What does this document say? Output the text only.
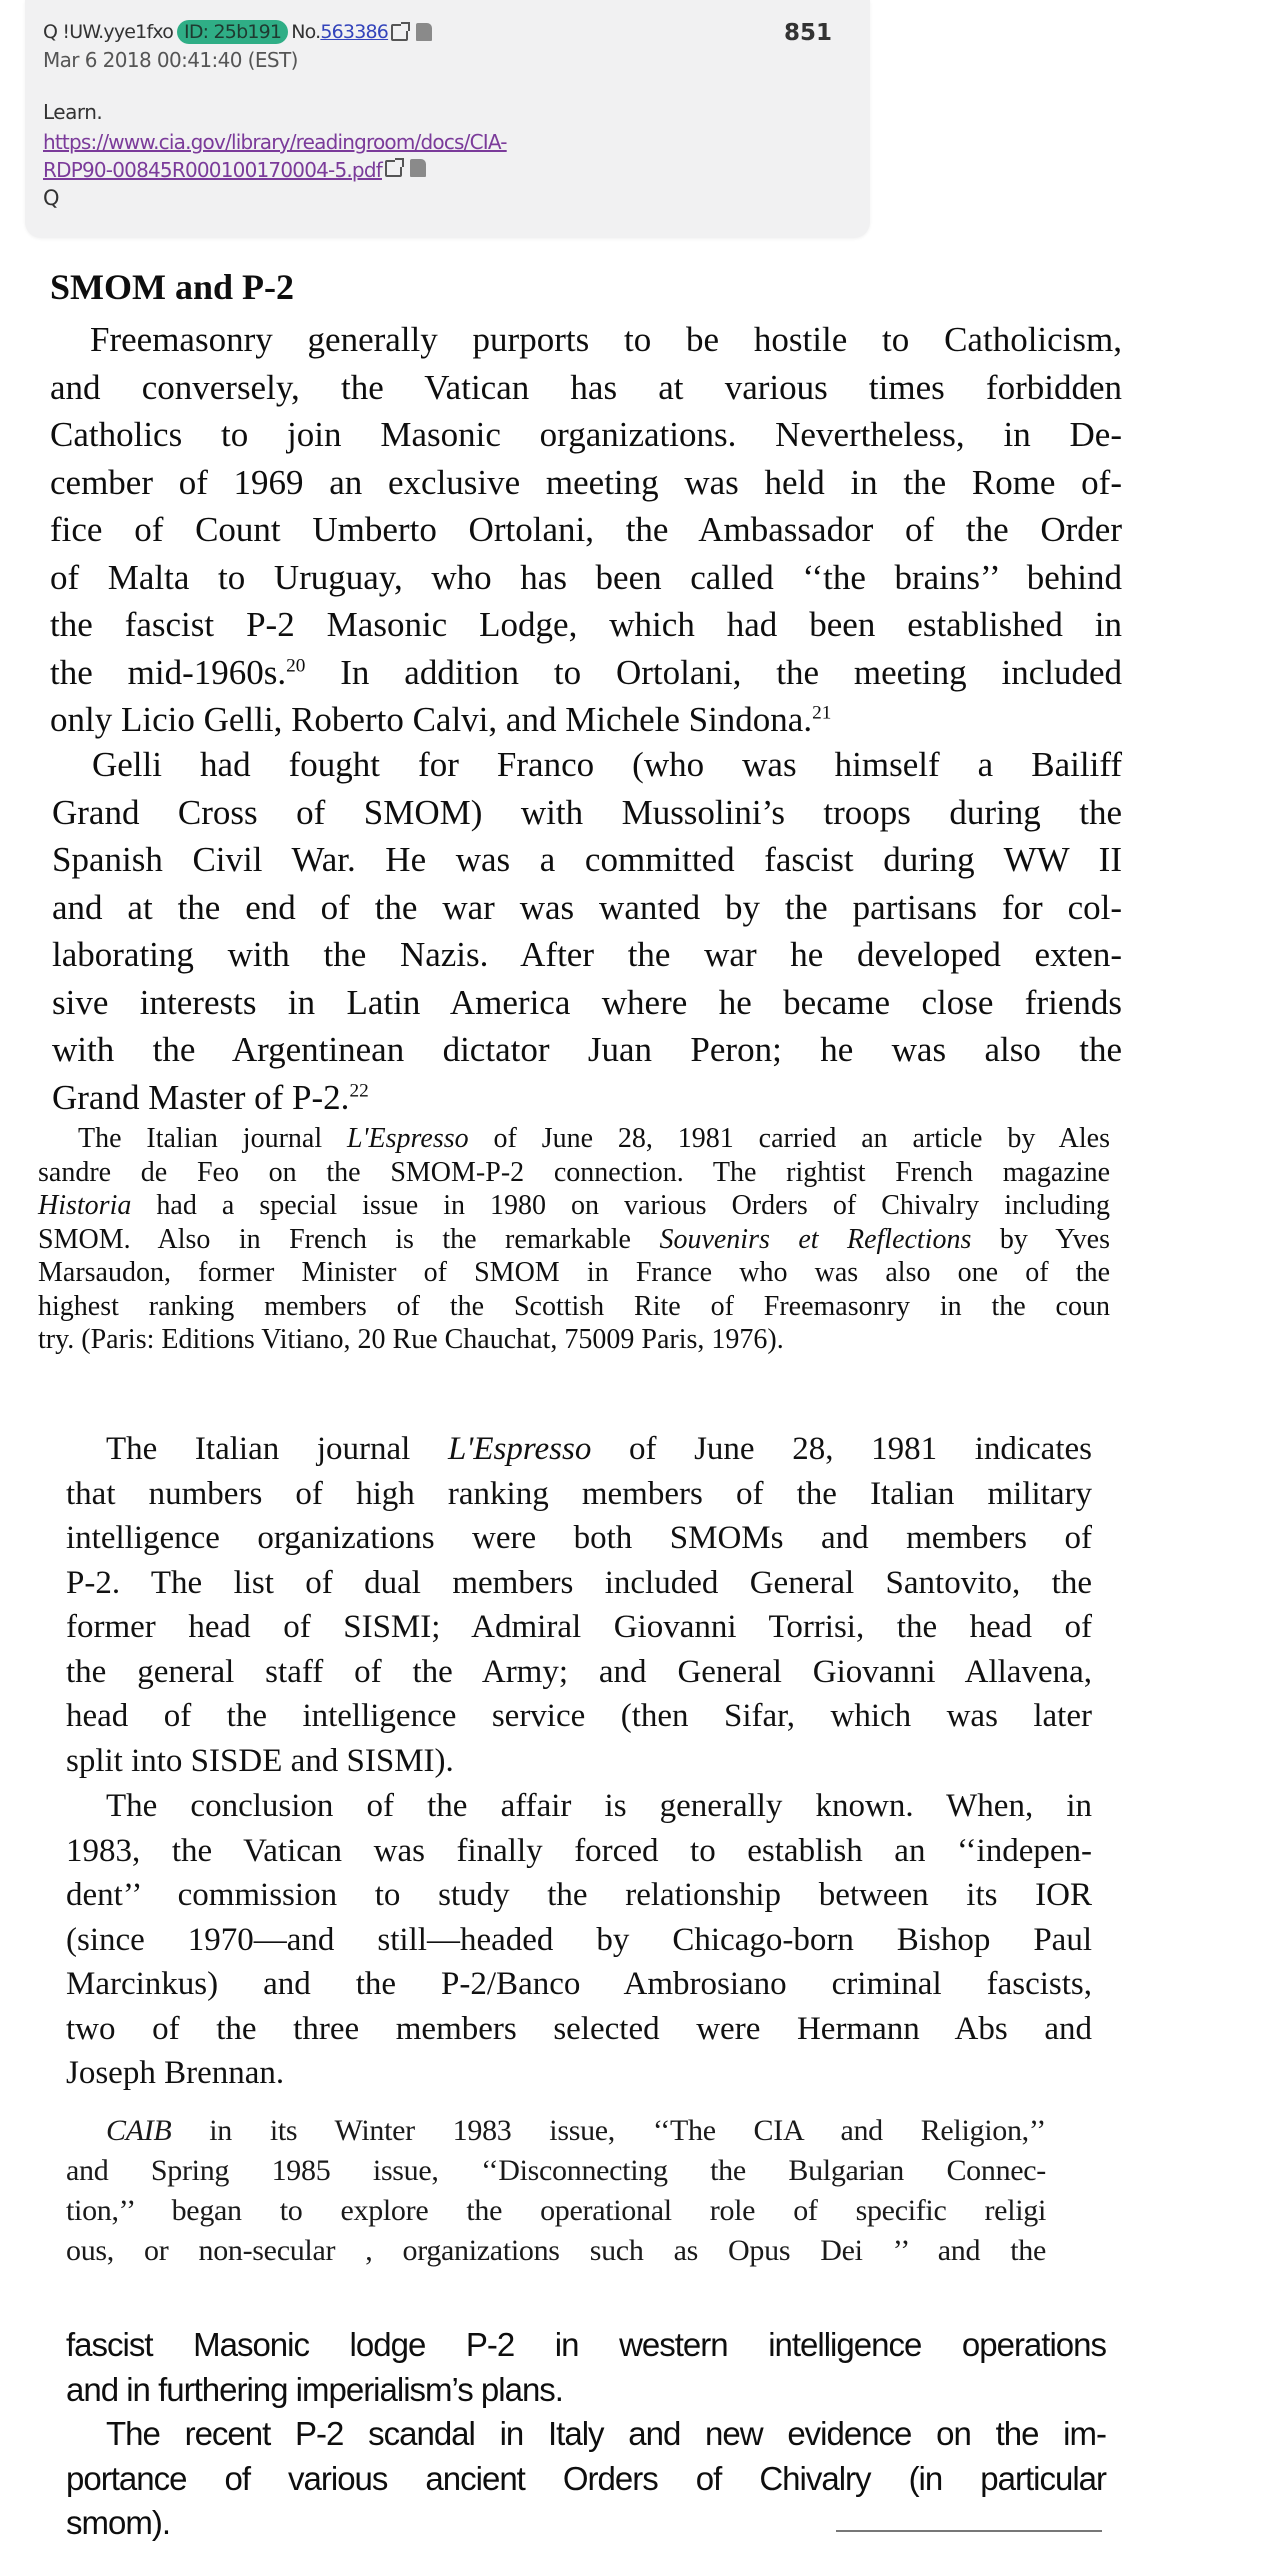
Q
!UW.yye1fxo ID: 25b191 No. 563386	851
Mar 6 2018 00:41:40 (EST)
Learn.
https://www.cia.gov/library/readingroom/docs/CIA-
RDP90-00845R000100170004-5.pdf
Q
SMOM and P-2
Freemasonry generally purports to be hostile to Catholicism,
and conversely, the Vatican has at various times forbidden
Catholics to join Masonic organizations. Nevertheless, in De-
cember of 1969 an exclusive meeting was held in the Rome of-
fice of Count Umberto Ortolani, the Ambassador of the Order
of Malta to Uruguay, who has been called ‘‘the brains’’ behind
the fascist P-2 Masonic Lodge, which had been established in
the mid-1960s.$^{20}$ In addition to Ortolani, the meeting included
only Licio Gelli, Roberto Calvi, and Michele Sindona.$^{21}$
Gelli had fought for Franco (who was himself a Bailiff
Grand Cross of SMOM) with Mussolini’s troops during the
Spanish Civil War. He was a committed fascist during WW II
and at the end of the war was wanted by the partisans for col-
laborating with the Nazis. After the war he developed exten-
sive interests in Latin America where he became close friends
with the Argentinean dictator Juan Peron; he was also the
Grand Master of P-2.22
The Italian journal L'Espresso of June 28, 1981 carried an article by Ales
sandre de Feo on the SMOM-P-2 connection. The rightist French magazine
Historia had a special issue in 1980 on various Orders of Chivalry including
SMOM. Also in French is the remarkable Souvenirs et Reflections by Yves
Marsaudon, former Minister of SMOM in France who was also one of the
highest ranking members of the Scottish Rite of Freemasonry in the coun
try. (Paris: Editions Vitiano, 20 Rue Chauchat, 75009 Paris, 1976).
The Italian journal L'Espresso of June 28, 1981 indicates
that numbers of high ranking members of the Italian military
intelligence organizations were both SMOMs and members of
P-2. The list of dual members included General Santovito, the
former head of SISMI; Admiral Giovanni Torrisi, the head of
the general staff of the Army; and General Giovanni Allavena,
head of the intelligence service (then Sifar, which was later
split into SISDE and SISMI).
The conclusion of the affair is generally known. When, in
1983, the Vatican was finally forced to establish an ‘‘indepen-
dent’’ commission to study the relationship between its IOR
(since 1970—and still—headed by Chicago-born Bishop Paul
Marcinkus) and the P-2/Banco Ambrosiano criminal fascists,
two of the three members selected were Hermann Abs and
Joseph Brennan.
CAIB in its Winter 1983 issue, ‘‘The CIA and Religion,’’
and Spring 1985 issue, ‘‘Disconnecting the Bulgarian Connec-
tion,’’ began to explore the operational role of specific religi
ous, or non-secular , organizations such as Opus Dei ’’ and the
fascist Masonic lodge P-2 in western intelligence operations
and in furthering imperialism’s plans.
The recent P-2 scandal in Italy and new evidence on the im-
portance of various ancient Orders of Chivalry (in particular
smom).
